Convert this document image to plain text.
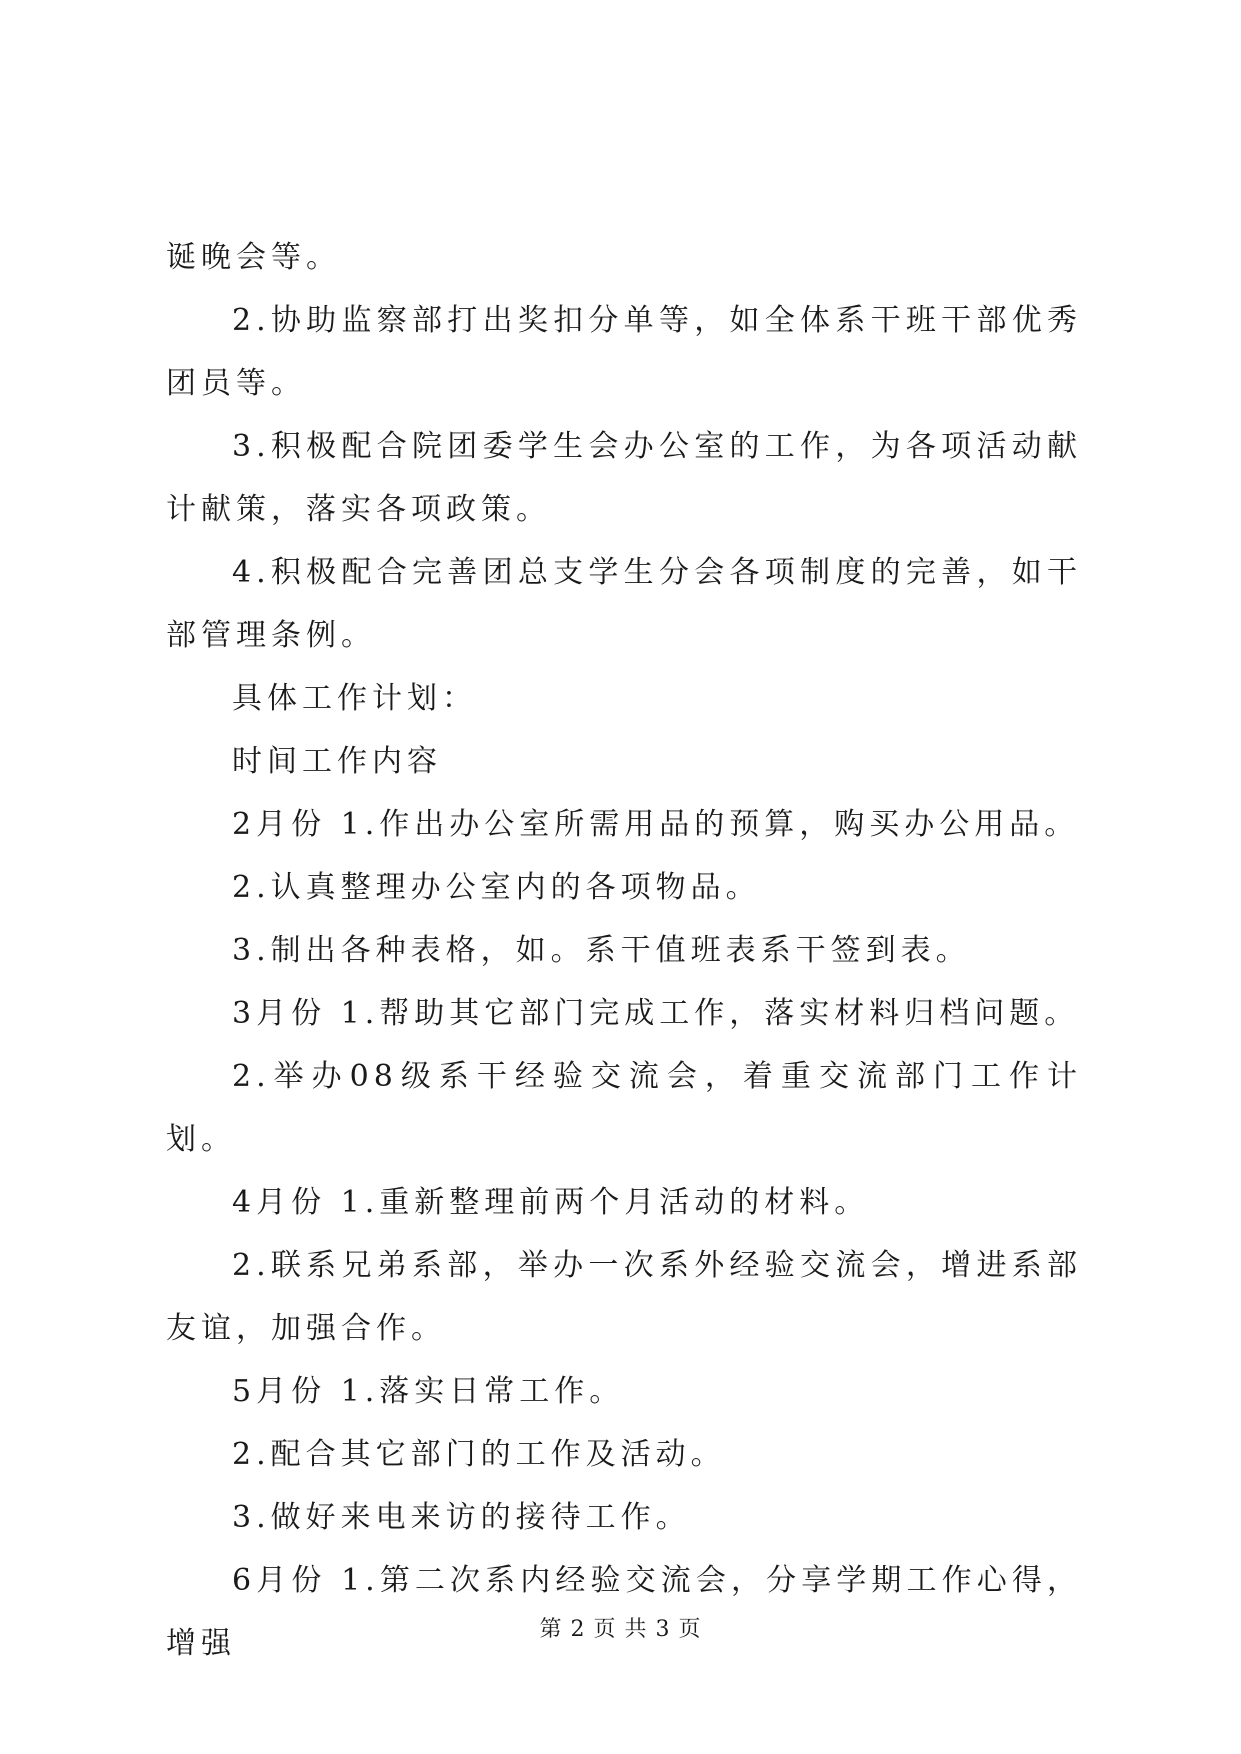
诞晚会等。

2.协助监察部打出奖扣分单等，如全体系干班干部优秀团员等。

3.积极配合院团委学生会办公室的工作，为各项活动献计献策，落实各项政策。

4.积极配合完善团总支学生分会各项制度的完善，如干部管理条例。

具体工作计划：

时间工作内容

2月份 1.作出办公室所需用品的预算，购买办公用品。

2.认真整理办公室内的各项物品。

3.制出各种表格，如。系干值班表系干签到表。

3月份 1.帮助其它部门完成工作，落实材料归档问题。

2.举办08级系干经验交流会，着重交流部门工作计划。

4月份 1.重新整理前两个月活动的材料。

2.联系兄弟系部，举办一次系外经验交流会，增进系部友谊，加强合作。

5月份 1.落实日常工作。

2.配合其它部门的工作及活动。

3.做好来电来访的接待工作。

6月份 1.第二次系内经验交流会，分享学期工作心得，增强	第 2 页 共 3 页
